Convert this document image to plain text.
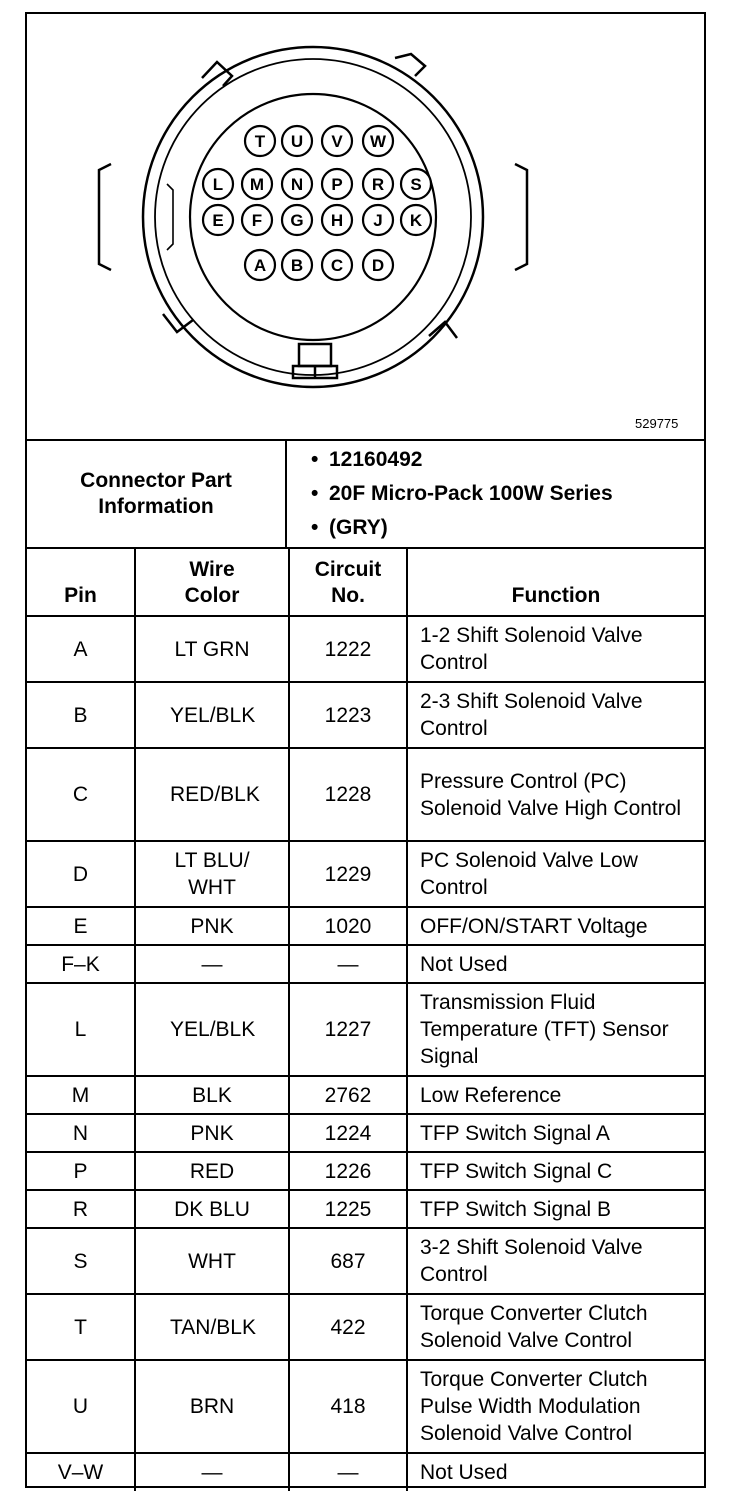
T U V W
L M N P R S
E F G H J K
A B C D
529775
Connector Part Information
• 12160492
• 20F Micro-Pack 100W Series
• (GRY)
Pin	Wire Color	Circuit No.	Function
A	LT GRN	1222	1-2 Shift Solenoid Valve Control
B	YEL/BLK	1223	2-3 Shift Solenoid Valve Control
C	RED/BLK	1228	Pressure Control (PC) Solenoid Valve High Control
D	LT BLU/ WHT	1229	PC Solenoid Valve Low Control
E	PNK	1020	OFF/ON/START Voltage
F–K	—	—	Not Used
L	YEL/BLK	1227	Transmission Fluid Temperature (TFT) Sensor Signal
M	BLK	2762	Low Reference
N	PNK	1224	TFP Switch Signal A
P	RED	1226	TFP Switch Signal C
R	DK BLU	1225	TFP Switch Signal B
S	WHT	687	3-2 Shift Solenoid Valve Control
T	TAN/BLK	422	Torque Converter Clutch Solenoid Valve Control
U	BRN	418	Torque Converter Clutch Pulse Width Modulation Solenoid Valve Control
V–W	—	—	Not Used
